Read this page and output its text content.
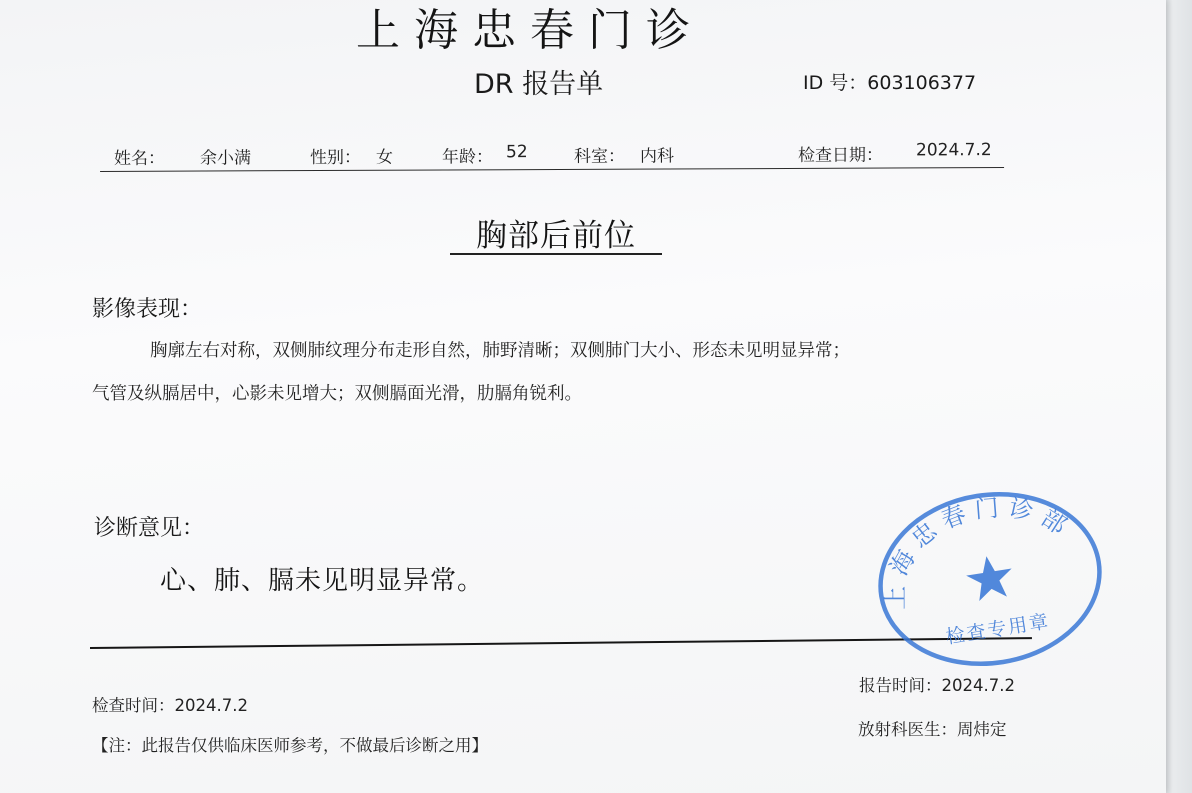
上海忠春门诊
DR 报告单	ID 号：603106377
姓名： 余小满	性别： 女	年龄： 52	科室： 内科	检查日期： 2024.7.2
胸部后前位
影像表现：
胸廓左右对称，双侧肺纹理分布走形自然，肺野清晰；双侧肺门大小、形态未见明显异常；
气管及纵膈居中，心影未见增大；双侧膈面光滑，肋膈角锐利。
诊断意见：
心、肺、膈未见明显异常。
检查时间：2024.7.2
报告时间：2024.7.2
放射科医生：周炜定
【注：此报告仅供临床医师参考，不做最后诊断之用】
上海忠春门诊部
检查专用章
